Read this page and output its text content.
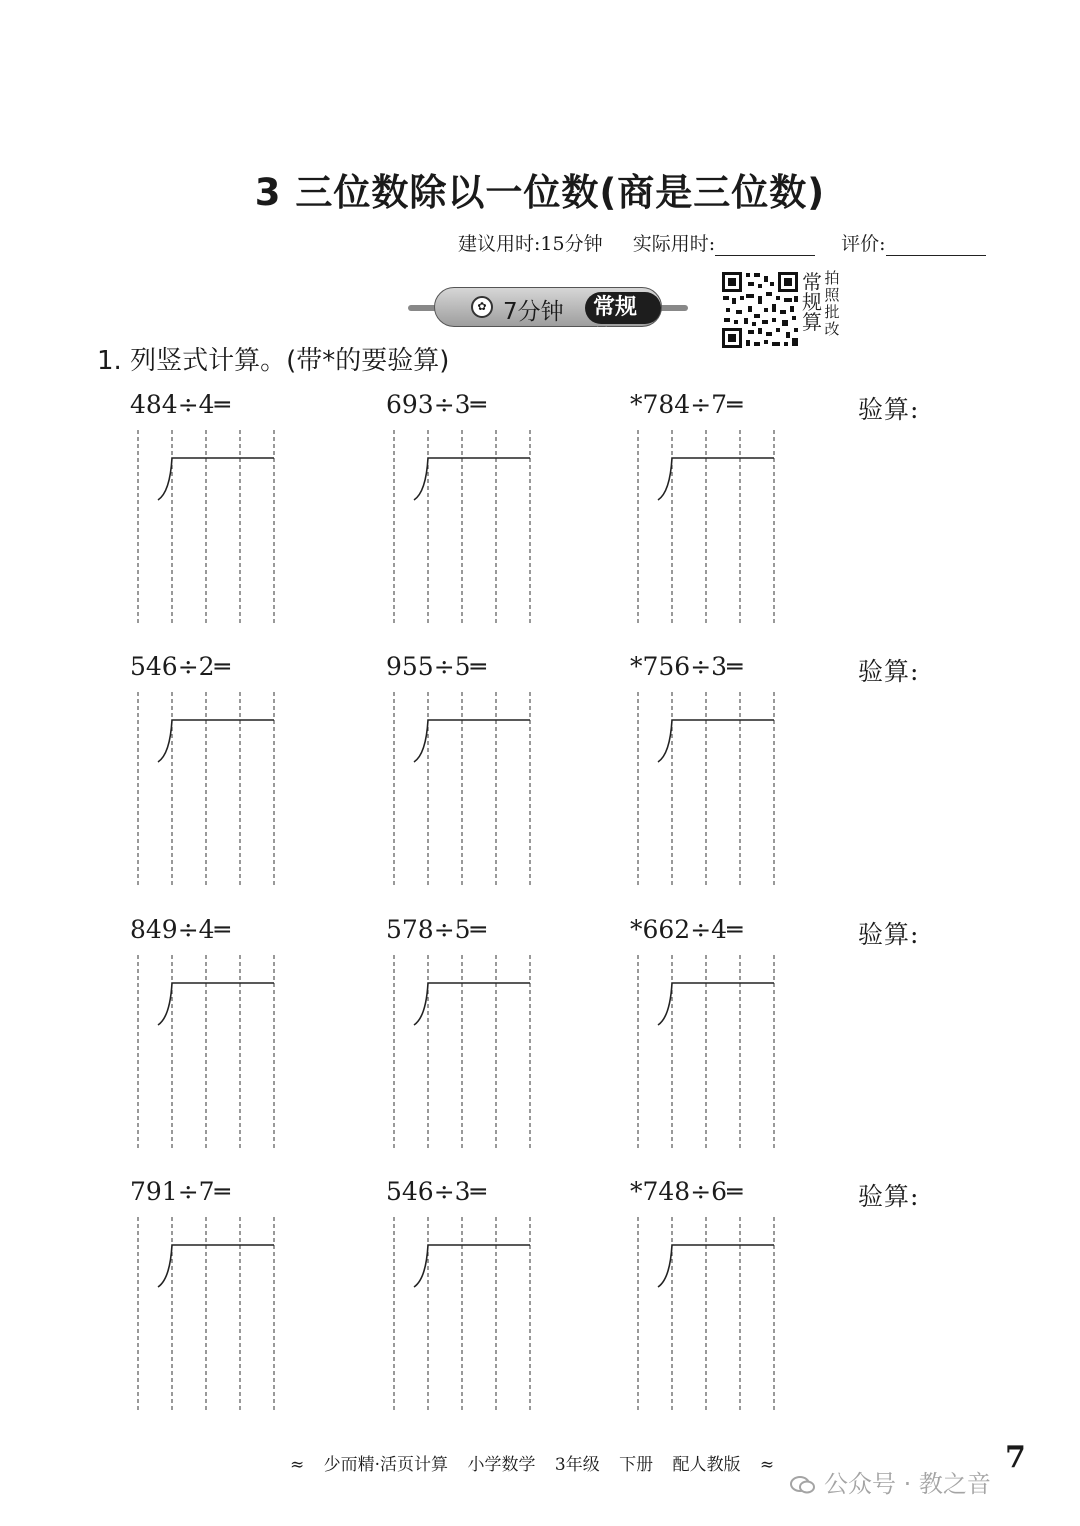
3 三位数除以一位数(商是三位数)
建议用时:15分钟 实际用时:	评价:
✿ 7分钟	常规算
常
规
算
拍
照
批
改
1. 列竖式计算。(带*的要验算)
484÷4═	693÷3═	*784÷7═	验算:
546÷2═	955÷5═	*756÷3═	验算:
849÷4═	578÷5═	*662÷4═	验算:
791÷7═	546÷3═	*748÷6═	验算:
≈ 少而精·活页计算 小学数学 3年级 下册 配人教版 ≈	7
公众号 · 教之音
